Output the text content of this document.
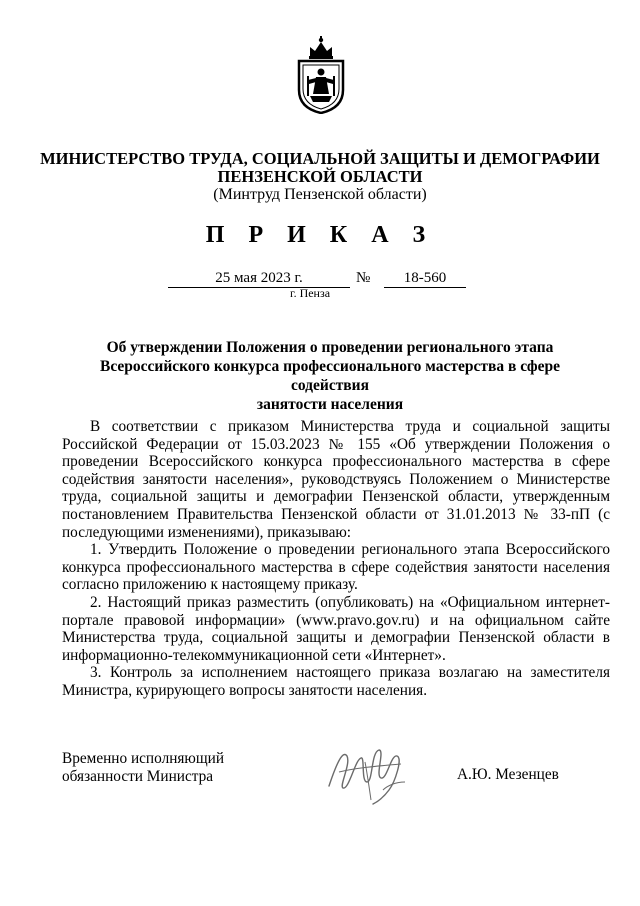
МИНИСТЕРСТВО ТРУДА, СОЦИАЛЬНОЙ ЗАЩИТЫ И ДЕМОГРАФИИ
ПЕНЗЕНСКОЙ ОБЛАСТИ
(Минтруд Пензенской области)
П Р И К А З
25 мая 2023 г.	№	18-560
г. Пенза
Об утверждении Положения о проведении регионального этапа
Всероссийского конкурса профессионального мастерства в сфере содействия
занятости населения

В соответствии с приказом Министерства труда и социальной защиты Российской Федерации от 15.03.2023 № 155 «Об утверждении Положения о проведении Всероссийского конкурса профессионального мастерства в сфере содействия занятости населения», руководствуясь Положением о Министерстве труда, социальной защиты и демографии Пензенской области, утвержденным постановлением Правительства Пензенской области от 31.01.2013 № 33-пП (с последующими изменениями), приказываю:

1. Утвердить Положение о проведении регионального этапа Всероссийского конкурса профессионального мастерства в сфере содействия занятости населения согласно приложению к настоящему приказу.

2. Настоящий приказ разместить (опубликовать) на «Официальном интернет-портале правовой информации» (www.pravo.gov.ru) и на официальном сайте Министерства труда, социальной защиты и демографии Пензенской области в информационно-телекоммуникационной сети «Интернет».

3. Контроль за исполнением настоящего приказа возлагаю на заместителя Министра, курирующего вопросы занятости населения.

Временно исполняющий
обязанности Министра	А.Ю. Мезенцев
